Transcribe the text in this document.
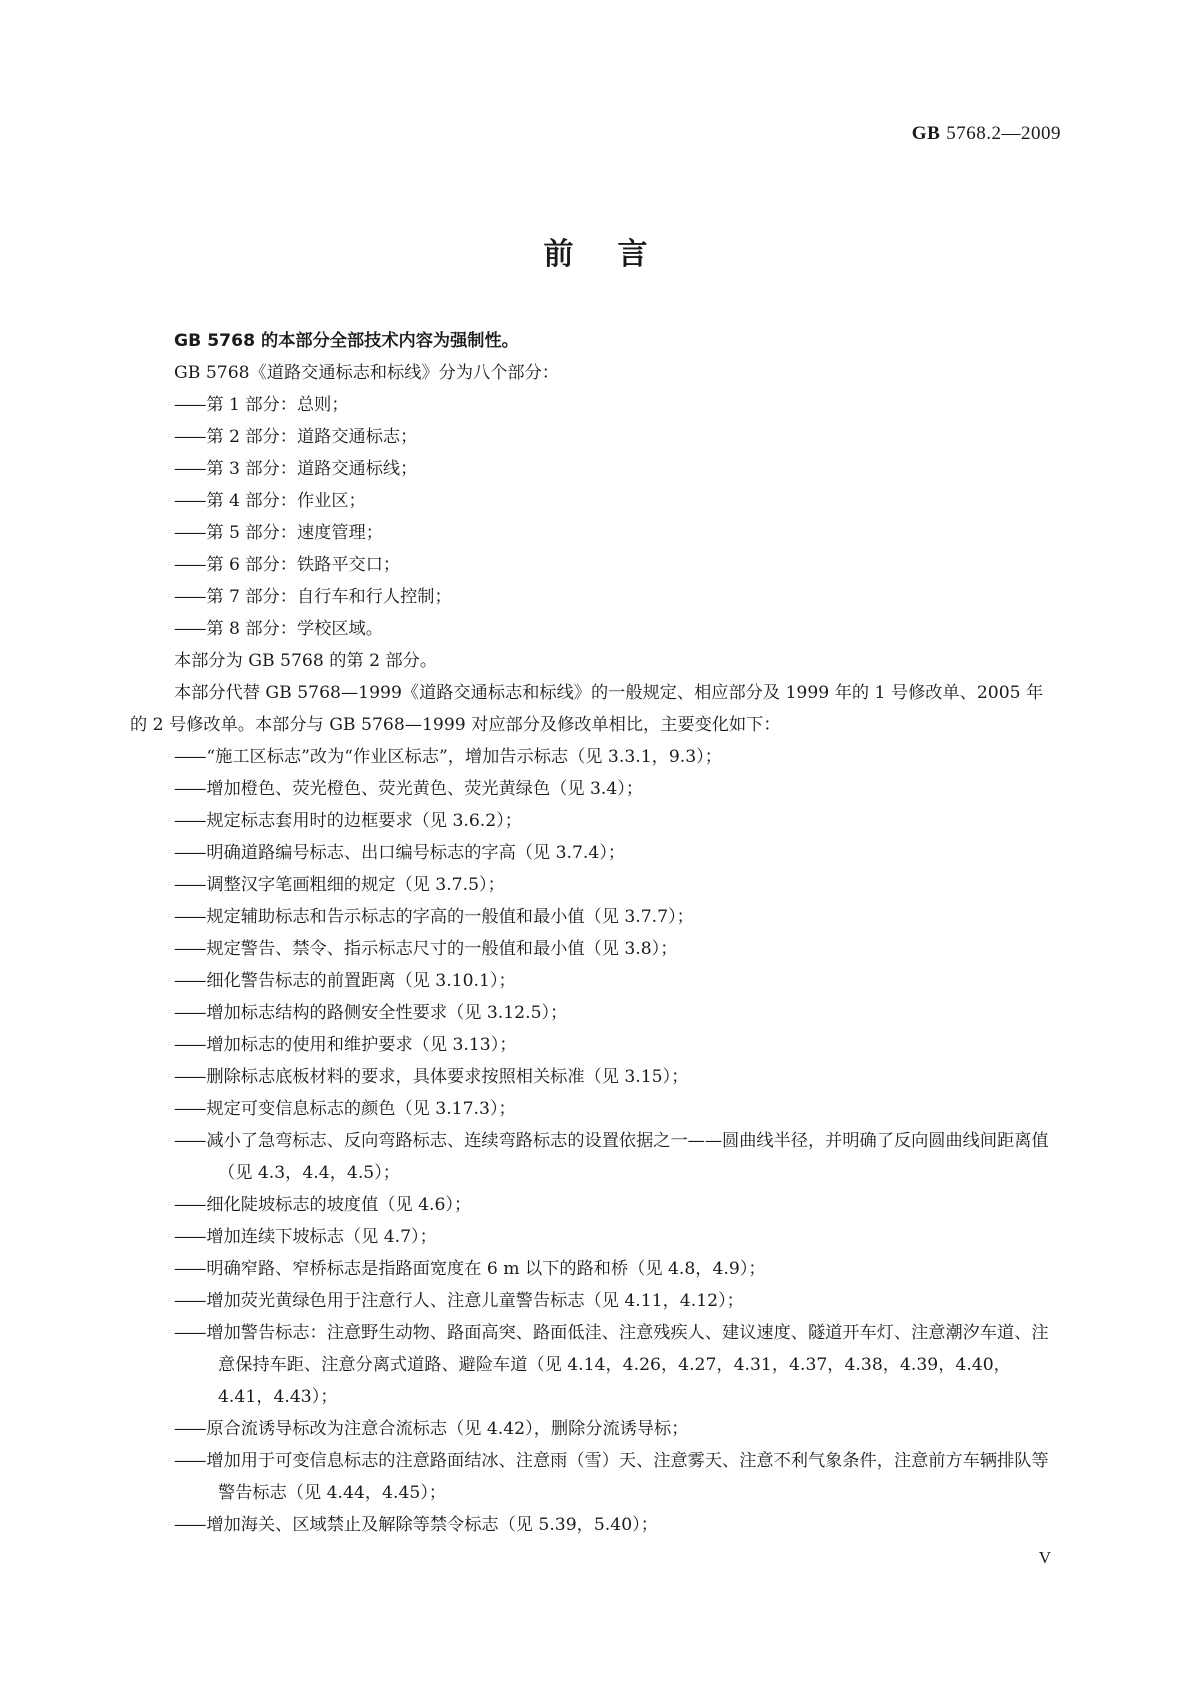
GB 5768.2—2009
前言

GB 5768 的本部分全部技术内容为强制性。

GB 5768《道路交通标志和标线》分为八个部分：

—— 第 1 部分：总则；

—— 第 2 部分：道路交通标志；

—— 第 3 部分：道路交通标线；

—— 第 4 部分：作业区；

—— 第 5 部分：速度管理；

—— 第 6 部分：铁路平交口；

—— 第 7 部分：自行车和行人控制；

—— 第 8 部分：学校区域。

本部分为 GB 5768 的第 2 部分。

本部分代替 GB 5768—1999《道路交通标志和标线》的一般规定、相应部分及 1999 年的 1 号修改单、2005 年的 2 号修改单。本部分与 GB 5768—1999 对应部分及修改单相比，主要变化如下：

—— “施工区标志”改为“作业区标志”，增加告示标志（见 3.3.1，9.3）；

—— 增加橙色、荧光橙色、荧光黄色、荧光黄绿色（见 3.4）；

—— 规定标志套用时的边框要求（见 3.6.2）；

—— 明确道路编号标志、出口编号标志的字高（见 3.7.4）；

—— 调整汉字笔画粗细的规定（见 3.7.5）；

—— 规定辅助标志和告示标志的字高的一般值和最小值（见 3.7.7）；

—— 规定警告、禁令、指示标志尺寸的一般值和最小值（见 3.8）；

—— 细化警告标志的前置距离（见 3.10.1）；

—— 增加标志结构的路侧安全性要求（见 3.12.5）；

—— 增加标志的使用和维护要求（见 3.13）；

—— 删除标志底板材料的要求，具体要求按照相关标准（见 3.15）；

—— 规定可变信息标志的颜色（见 3.17.3）；

—— 减小了急弯标志、反向弯路标志、连续弯路标志的设置依据之一——圆曲线半径，并明确了反向圆曲线间距离值（见 4.3，4.4，4.5）；

—— 细化陡坡标志的坡度值（见 4.6）；

—— 增加连续下坡标志（见 4.7）；

—— 明确窄路、窄桥标志是指路面宽度在 6 m 以下的路和桥（见 4.8，4.9）；

—— 增加荧光黄绿色用于注意行人、注意儿童警告标志（见 4.11，4.12）；

—— 增加警告标志：注意野生动物、路面高突、路面低洼、注意残疾人、建议速度、隧道开车灯、注意潮汐车道、注意保持车距、注意分离式道路、避险车道（见 4.14，4.26，4.27，4.31，4.37，4.38，4.39，4.40，4.41，4.43）；

—— 原合流诱导标改为注意合流标志（见 4.42），删除分流诱导标；

—— 增加用于可变信息标志的注意路面结冰、注意雨（雪）天、注意雾天、注意不利气象条件，注意前方车辆排队等警告标志（见 4.44，4.45）；

—— 增加海关、区域禁止及解除等禁令标志（见 5.39，5.40）；

V
